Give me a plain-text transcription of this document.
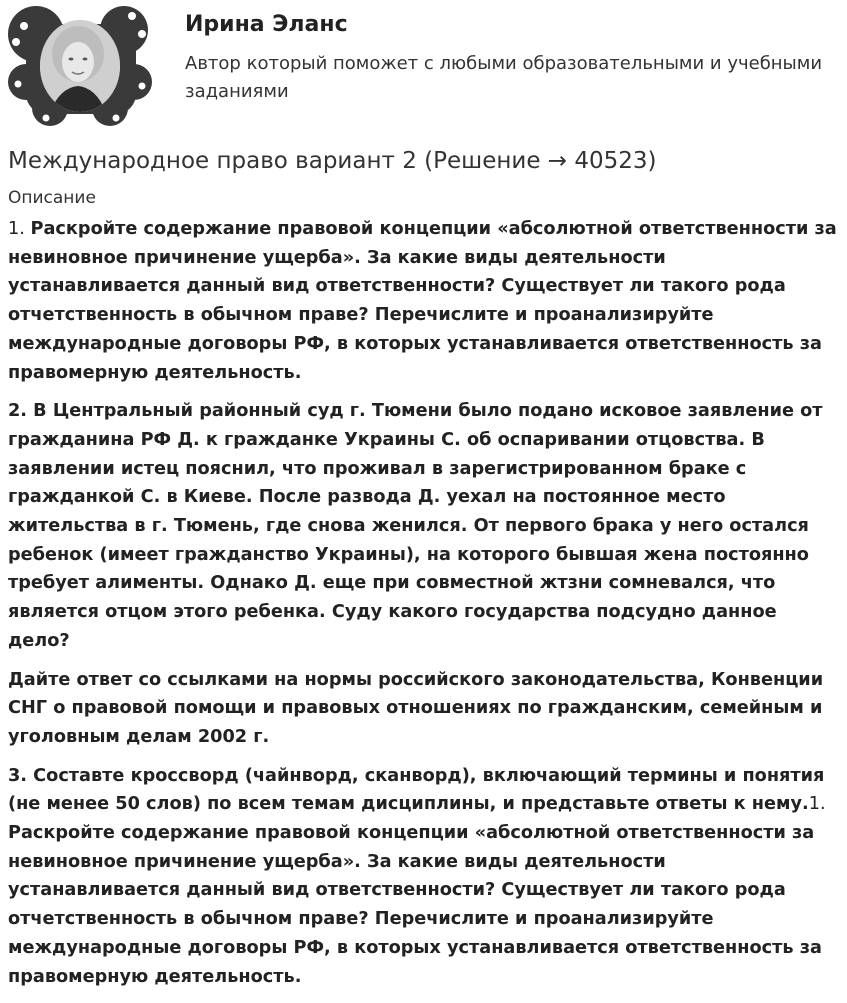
Ирина Эланс
Автор который поможет с любыми образовательными и учебными заданиями
Международное право вариант 2 (Решение → 40523)
Описание

1. Раскройте содержание правовой концепции «абсолютной ответственности за невиновное причинение ущерба». За какие виды деятельности устанавливается данный вид ответственности? Существует ли такого рода отчетственность в обычном праве? Перечислите и проанализируйте международные договоры РФ, в которых устанавливается ответственность за правомерную деятельность.

2. В Центральный районный суд г. Тюмени было подано исковое заявление от гражданина РФ Д. к гражданке Украины С. об оспаривании отцовства. В заявлении истец пояснил, что проживал в зарегистрированном браке с гражданкой С. в Киеве. После развода Д. уехал на постоянное место жительства в г. Тюмень, где снова женился. От первого брака у него остался ребенок (имеет гражданство Украины), на которого бывшая жена постоянно требует алименты. Однако Д. еще при совместной жтзни сомневался, что является отцом этого ребенка. Суду какого государства подсудно данное дело?

Дайте ответ со ссылками на нормы российского законодательства, Конвенции СНГ о правовой помощи и правовых отношениях по гражданским, семейным и уголовным делам 2002 г.

3. Составте кроссворд (чайнворд, сканворд), включающий термины и понятия (не менее 50 слов) по всем темам дисциплины, и представьте ответы к нему.1. Раскройте содержание правовой концепции «абсолютной ответственности за невиновное причинение ущерба». За какие виды деятельности устанавливается данный вид ответственности? Существует ли такого рода отчетственность в обычном праве? Перечислите и проанализируйте международные договоры РФ, в которых устанавливается ответственность за правомерную деятельность.
